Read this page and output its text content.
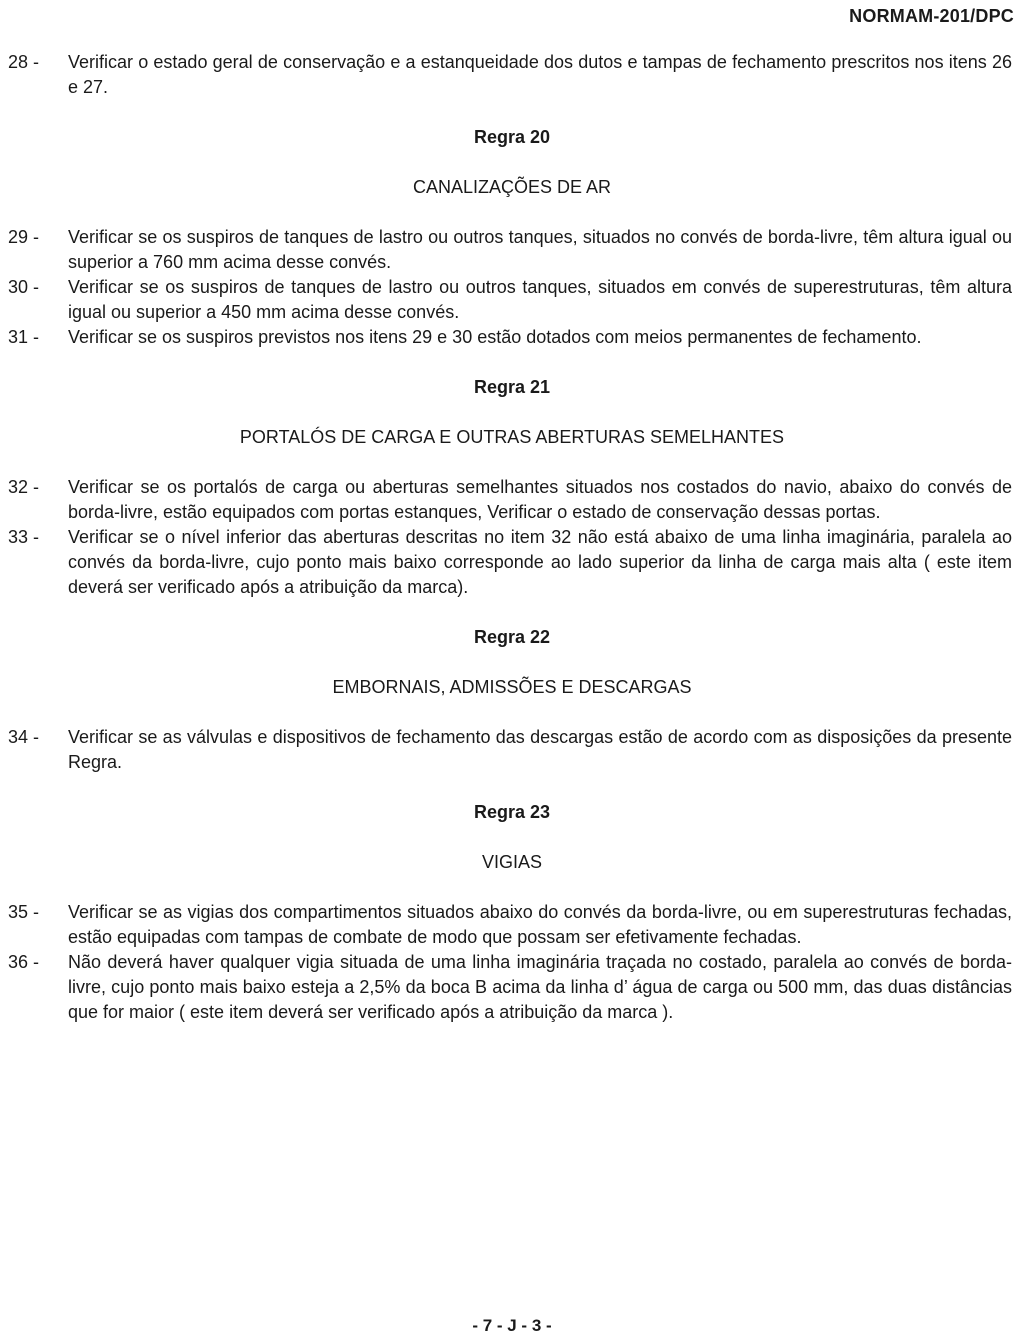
NORMAM-201/DPC
28 -	Verificar o estado geral de conservação e a estanqueidade dos dutos e tampas de fechamento prescritos nos itens 26 e 27.
Regra 20
CANALIZAÇÕES DE AR
29 -	Verificar se os suspiros de tanques de lastro ou outros tanques, situados no convés de borda-livre, têm altura igual ou superior a 760 mm acima desse convés.
30 -	Verificar se os suspiros de tanques de lastro ou outros tanques, situados em convés de superestruturas, têm altura igual ou superior a 450 mm acima desse convés.
31 -	Verificar se os suspiros previstos nos itens 29 e 30 estão dotados com meios permanentes de fechamento.
Regra 21
PORTALÓS DE CARGA E OUTRAS ABERTURAS SEMELHANTES
32 -	Verificar se os portalós de carga ou aberturas semelhantes situados nos costados do navio, abaixo do convés de borda-livre, estão equipados com portas estanques, Verificar o estado de conservação dessas portas.
33 -	Verificar se o nível inferior das aberturas descritas no item 32 não está abaixo de uma linha imaginária, paralela ao convés da borda-livre, cujo ponto mais baixo corresponde ao lado superior da linha de carga mais alta ( este item deverá ser verificado após a atribuição da marca).
Regra 22
EMBORNAIS, ADMISSÕES E DESCARGAS
34 -	Verificar se as válvulas e dispositivos de fechamento das descargas estão de acordo com as disposições da presente Regra.
Regra 23
VIGIAS
35 -	Verificar se as vigias dos compartimentos situados abaixo do convés da borda-livre, ou em superestruturas fechadas, estão equipadas com tampas de combate de modo que possam ser efetivamente fechadas.
36 -	Não deverá haver qualquer vigia situada de uma linha imaginária traçada no costado, paralela ao convés de borda-livre, cujo ponto mais baixo esteja a 2,5% da boca B acima da linha d’ água de carga ou 500 mm, das duas distâncias que for maior ( este item deverá ser verificado após a atribuição da marca ).
- 7 - J - 3 -
